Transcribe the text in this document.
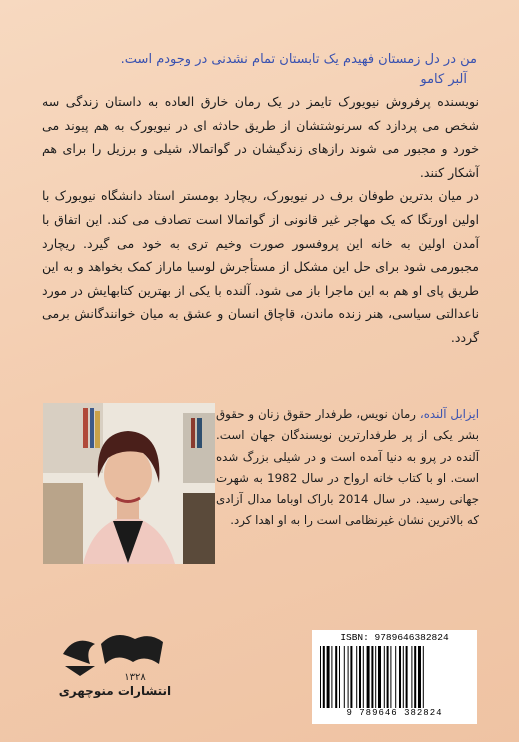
من در دل زمستان فهیدم یک تابستان تمام نشدنی در وجودم است.
آلبر کامو

نویسنده پرفروش نیویورک تایمز در یک رمان خارق العاده به داستان زندگی سه شخص می پردازد که سرنوشتشان از طریق حادثه ای در نیویورک به هم پیوند می خورد و مجبور می شوند رازهای زندگیشان در گواتمالا، شیلی و برزیل را برای هم آشکار کنند.

در میان بدترین طوفان برف در نیویورک، ریچارد بومستر استاد دانشگاه نیویورک با اولین اورتگا که یک مهاجر غیر قانونی از گواتمالا است تصادف می کند. این اتفاق با آمدن اولین به خانه این پروفسور صورت وخیم تری به خود می گیرد. ریچارد مجبورمی شود برای حل این مشکل از مستأجرش لوسیا ماراز کمک بخواهد و به این طریق پای او هم به این ماجرا باز می شود. آلنده با یکی از بهترین کتابهایش در مورد ناعدالتی سیاسی، هنر زنده ماندن، قاچاق انسان و عشق به میان خوانندگانش برمی گردد.

ایزابل آلنده، رمان نویس، طرفدار حقوق زنان و حقوق بشر یکی از پر طرفدارترین نویسندگان جهان است. آلنده در پرو به دنیا آمده است و در شیلی بزرگ شده است. او با کتاب خانه ارواح در سال 1982 به شهرت جهانی رسید. در سال 2014 باراک اوباما مدال آزادی که بالاترین نشان غیرنظامی است را به او اهدا کرد.
۱۳۲۸
انتشارات منوچهری
ISBN: 9789646382824
9 789646 382824
